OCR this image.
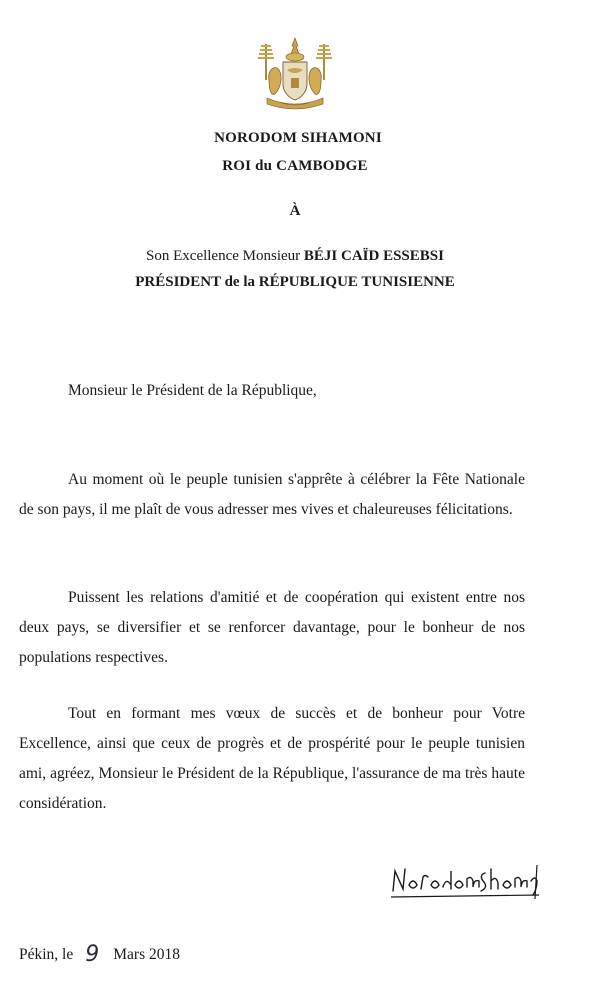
NORODOM SIHAMONI
ROI du CAMBODGE
À
Son Excellence Monsieur BÉJI CAÏD ESSEBSI
PRÉSIDENT de la RÉPUBLIQUE TUNISIENNE
Monsieur le Président de la République,

Au moment où le peuple tunisien s'apprête à célébrer la Fête Nationale de son pays, il me plaît de vous adresser mes vives et chaleureuses félicitations.

Puissent les relations d'amitié et de coopération qui existent entre nos deux pays, se diversifier et se renforcer davantage, pour le bonheur de nos populations respectives.

Tout en formant mes vœux de succès et de bonheur pour Votre Excellence, ainsi que ceux de progrès et de prospérité pour le peuple tunisien ami, agréez, Monsieur le Président de la République, l'assurance de ma très haute considération.

Pékin, le 9 Mars 2018
